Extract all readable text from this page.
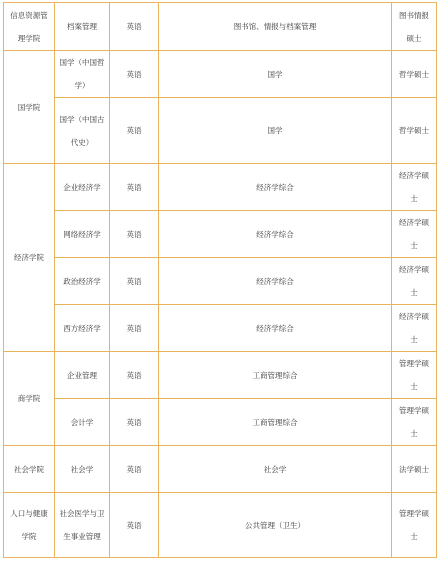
信息资源管理学院	档案管理	英语	图书馆、情报与档案管理	图书情报硕士
国学院	国学（中国哲学）	英语	国学	哲学硕士
	国学（中国古代史）	英语	国学	哲学硕士
经济学院	企业经济学	英语	经济学综合	经济学硕士
	网络经济学	英语	经济学综合	经济学硕士
	政治经济学	英语	经济学综合	经济学硕士
	西方经济学	英语	经济学综合	经济学硕士
商学院	企业管理	英语	工商管理综合	管理学硕士
	会计学	英语	工商管理综合	管理学硕士
社会学院	社会学	英语	社会学	法学硕士
人口与健康学院	社会医学与卫生事业管理	英语	公共管理（卫生）	管理学硕士
